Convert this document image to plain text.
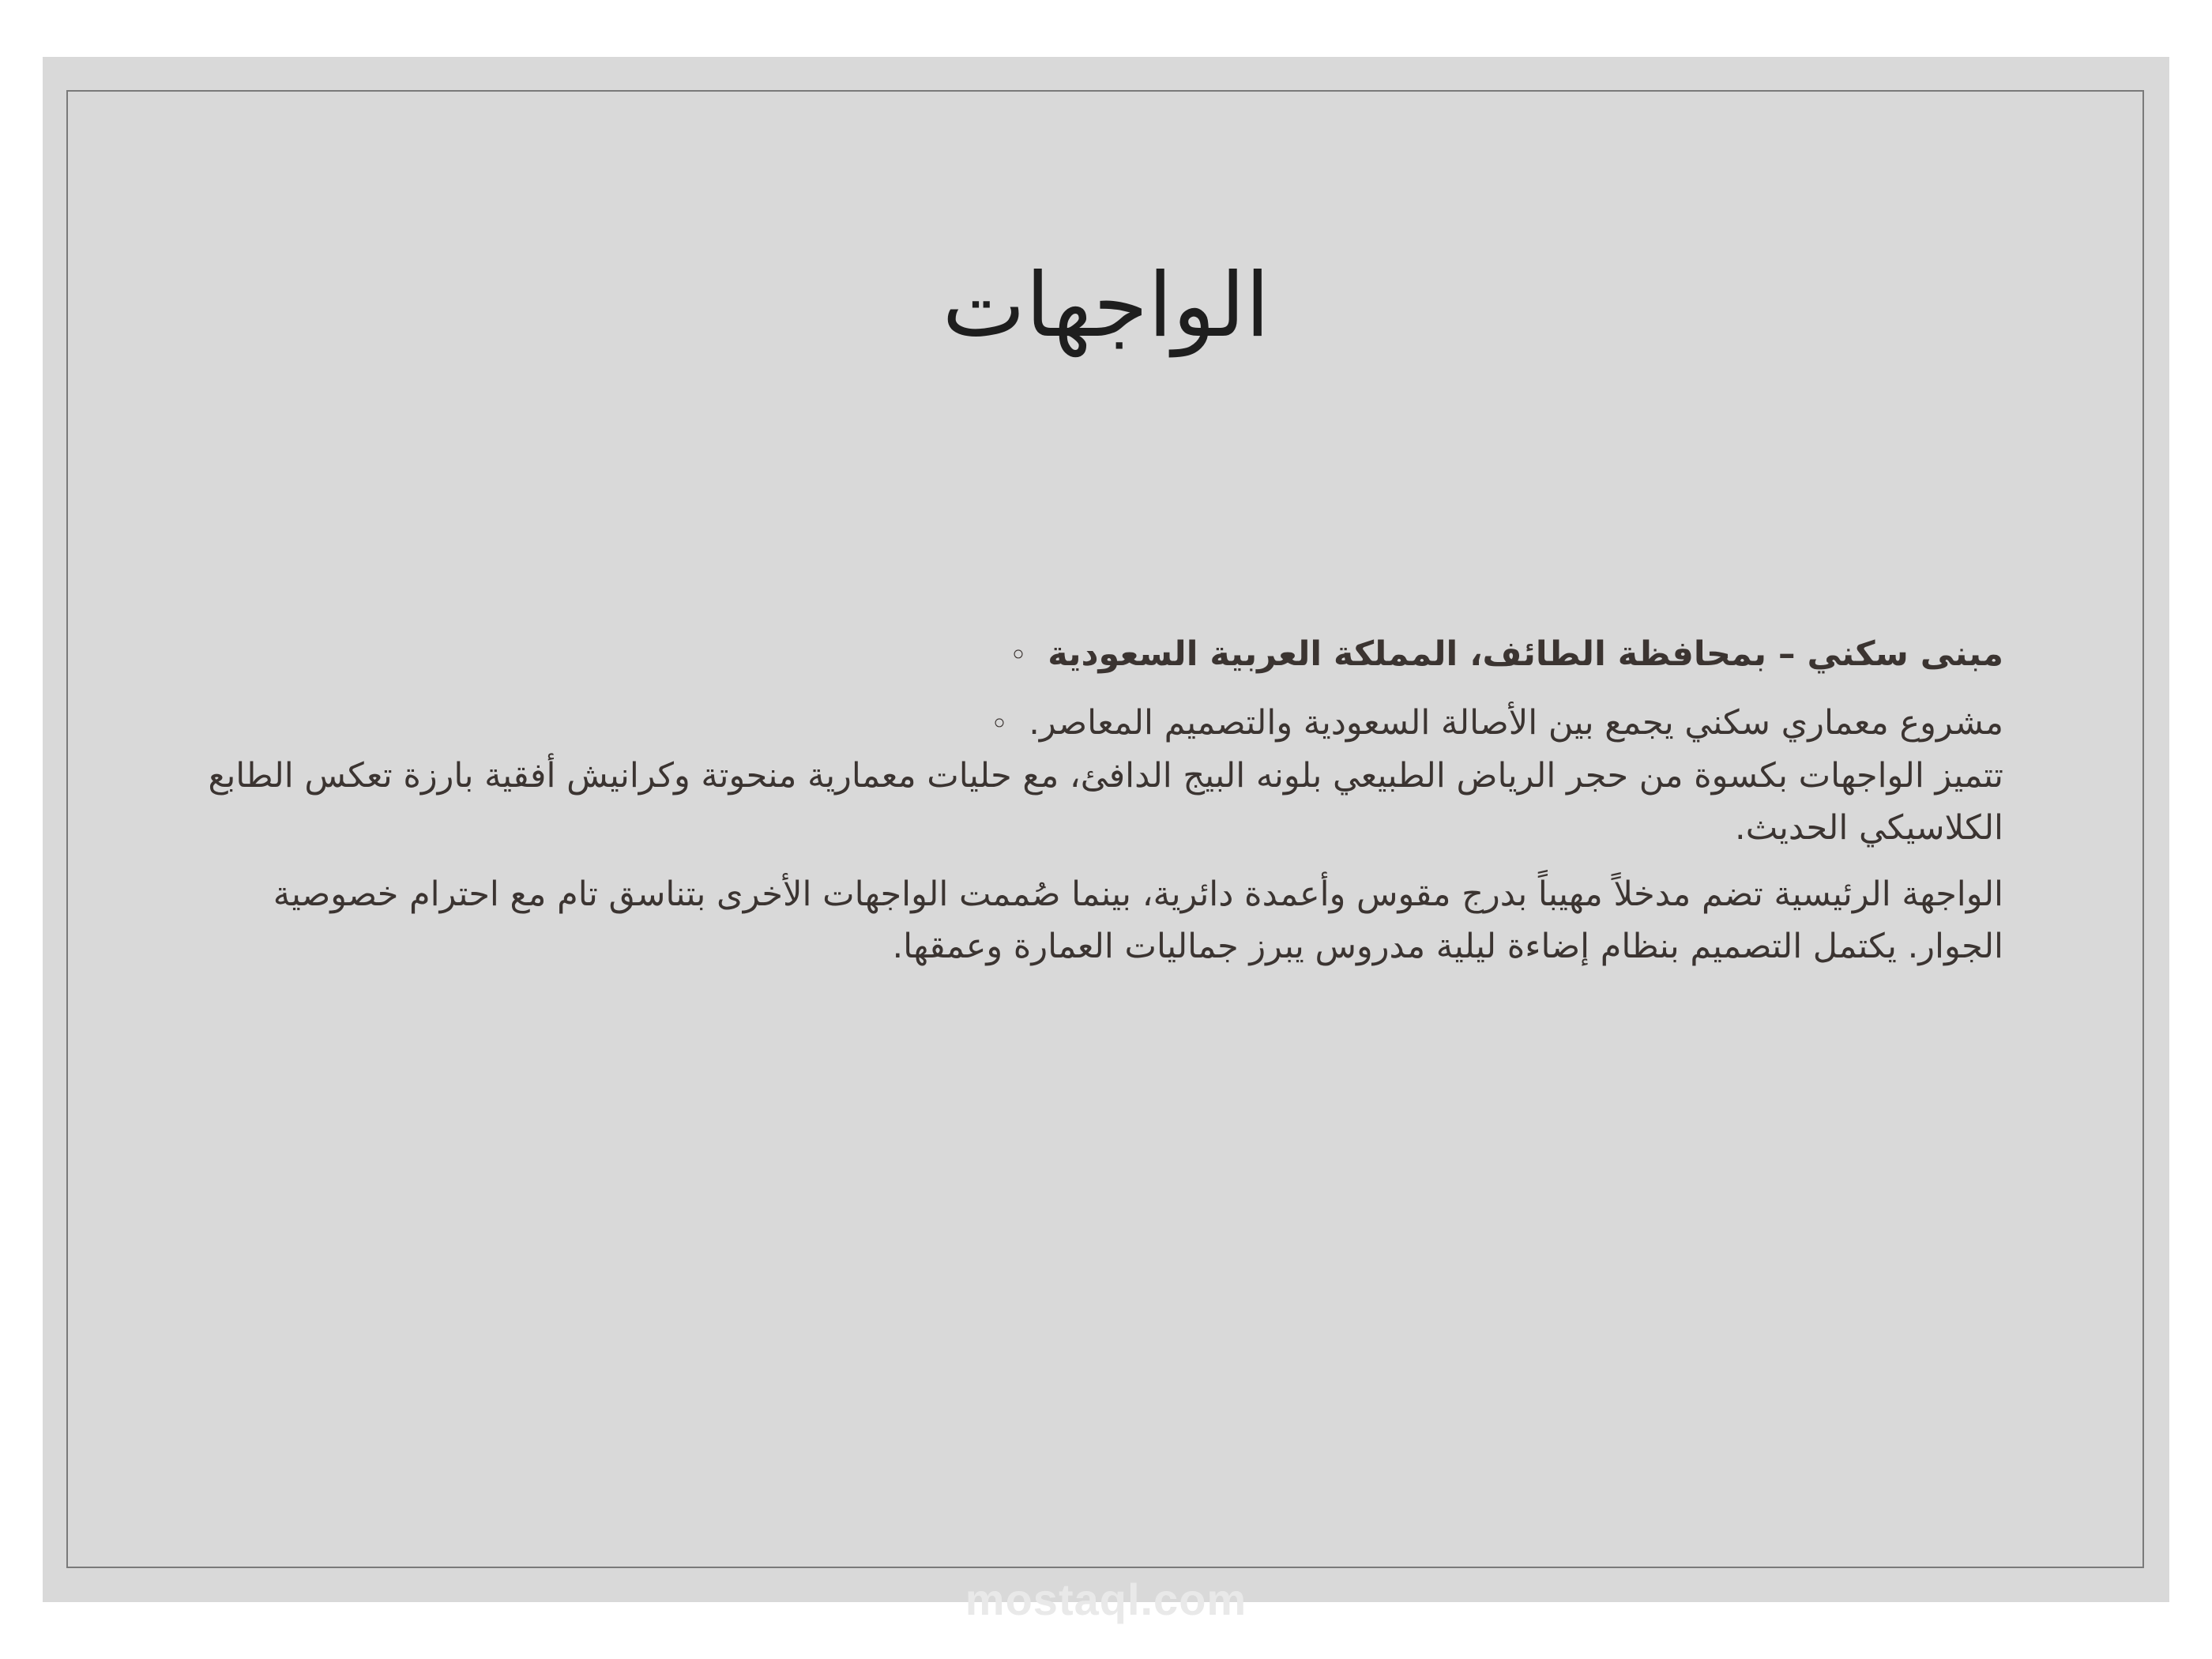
الواجهات

مبنى سكني – بمحافظة الطائف، المملكة العربية السعودية◦

مشروع معماري سكني يجمع بين الأصالة السعودية والتصميم المعاصر.◦
تتميز الواجهات بكسوة من حجر الرياض الطبيعي بلونه البيج الدافئ، مع حليات معمارية منحوتة وكرانيش أفقية بارزة تعكس الطابع الكلاسيكي الحديث.

الواجهة الرئيسية تضم مدخلاً مهيباً بدرج مقوس وأعمدة دائرية، بينما صُممت الواجهات الأخرى بتناسق تام مع احترام خصوصية الجوار. يكتمل التصميم بنظام إضاءة ليلية مدروس يبرز جماليات العمارة وعمقها.

mostaql.com
